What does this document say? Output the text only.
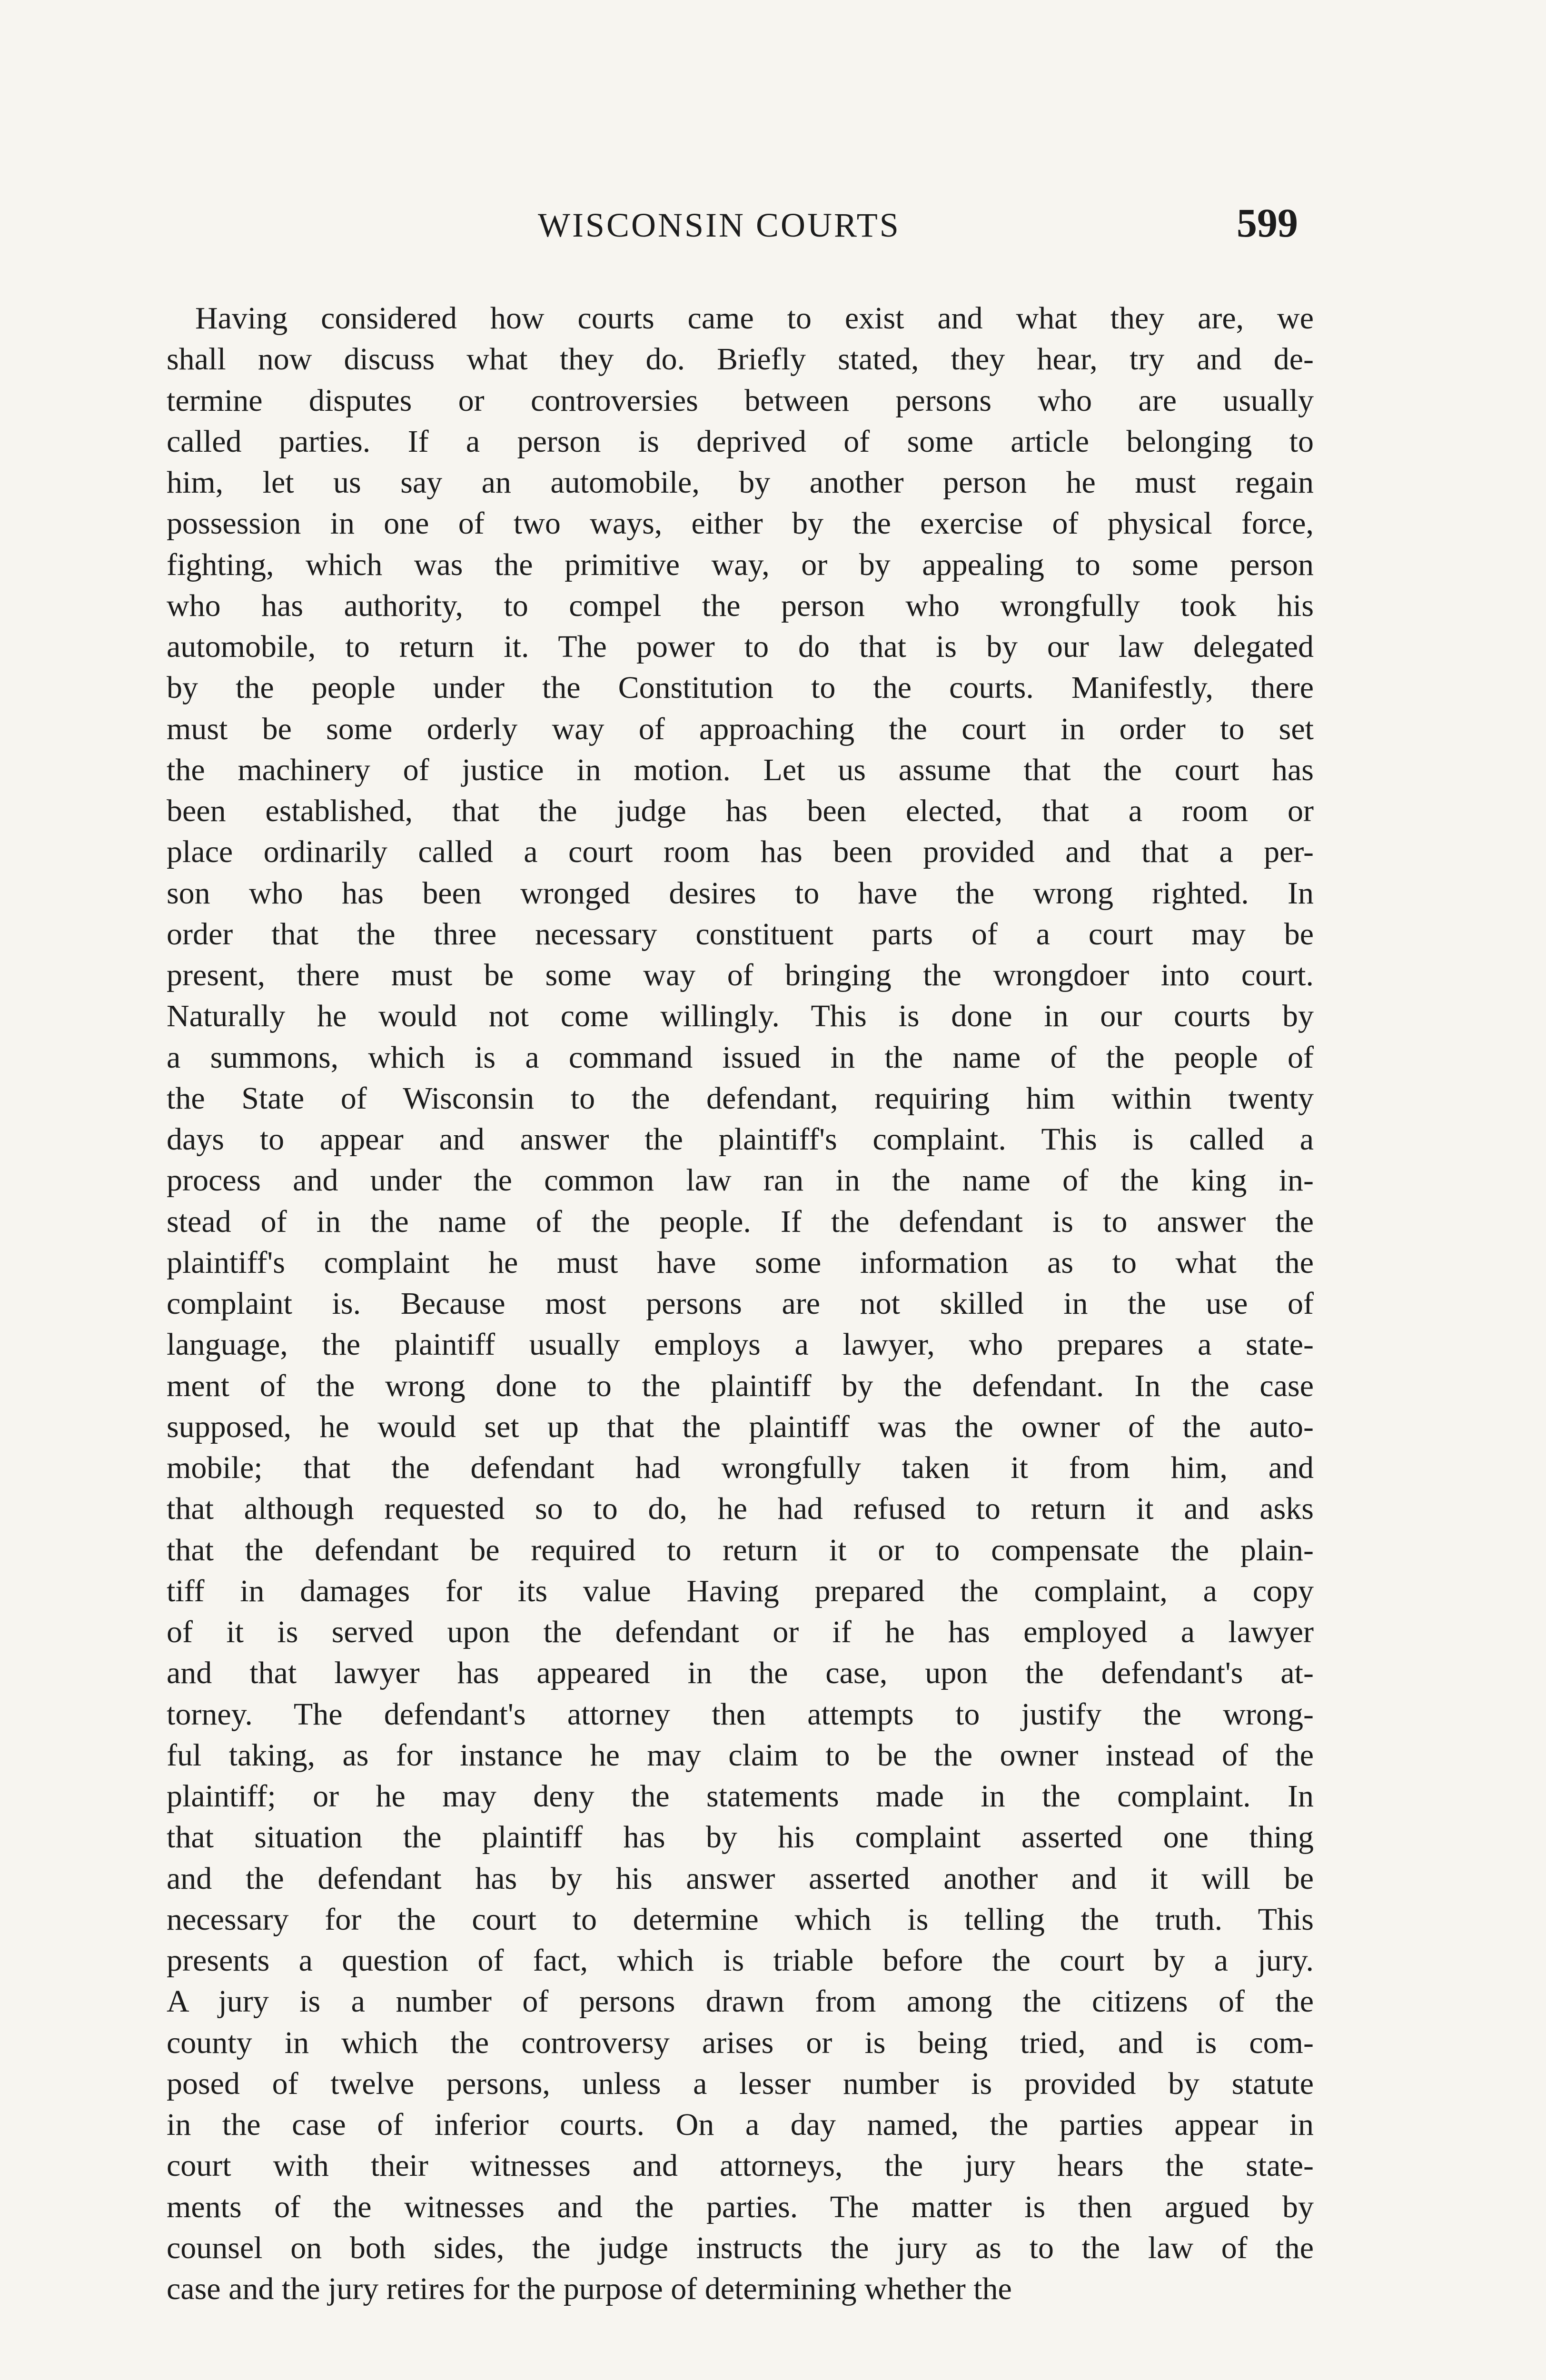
WISCONSIN COURTS	599
Having considered how courts came to exist and what they are, we
shall now discuss what they do. Briefly stated, they hear, try and de-
termine disputes or controversies between persons who are usually
called parties. If a person is deprived of some article belonging to
him, let us say an automobile, by another person he must regain
possession in one of two ways, either by the exercise of physical force,
fighting, which was the primitive way, or by appealing to some person
who has authority, to compel the person who wrongfully took his
automobile, to return it. The power to do that is by our law delegated
by the people under the Constitution to the courts. Manifestly, there
must be some orderly way of approaching the court in order to set
the machinery of justice in motion. Let us assume that the court has
been established, that the judge has been elected, that a room or
place ordinarily called a court room has been provided and that a per-
son who has been wronged desires to have the wrong righted. In
order that the three necessary constituent parts of a court may be
present, there must be some way of bringing the wrongdoer into court.
Naturally he would not come willingly. This is done in our courts by
a summons, which is a command issued in the name of the people of
the State of Wisconsin to the defendant, requiring him within twenty
days to appear and answer the plaintiff's complaint. This is called a
process and under the common law ran in the name of the king in-
stead of in the name of the people. If the defendant is to answer the
plaintiff's complaint he must have some information as to what the
complaint is. Because most persons are not skilled in the use of
language, the plaintiff usually employs a lawyer, who prepares a state-
ment of the wrong done to the plaintiff by the defendant. In the case
supposed, he would set up that the plaintiff was the owner of the auto-
mobile; that the defendant had wrongfully taken it from him, and
that although requested so to do, he had refused to return it and asks
that the defendant be required to return it or to compensate the plain-
tiff in damages for its value Having prepared the complaint, a copy
of it is served upon the defendant or if he has employed a lawyer
and that lawyer has appeared in the case, upon the defendant's at-
torney. The defendant's attorney then attempts to justify the wrong-
ful taking, as for instance he may claim to be the owner instead of the
plaintiff; or he may deny the statements made in the complaint. In
that situation the plaintiff has by his complaint asserted one thing
and the defendant has by his answer asserted another and it will be
necessary for the court to determine which is telling the truth. This
presents a question of fact, which is triable before the court by a jury.
A jury is a number of persons drawn from among the citizens of the
county in which the controversy arises or is being tried, and is com-
posed of twelve persons, unless a lesser number is provided by statute
in the case of inferior courts. On a day named, the parties appear in
court with their witnesses and attorneys, the jury hears the state-
ments of the witnesses and the parties. The matter is then argued by
counsel on both sides, the judge instructs the jury as to the law of the
case and the jury retires for the purpose of determining whether the
